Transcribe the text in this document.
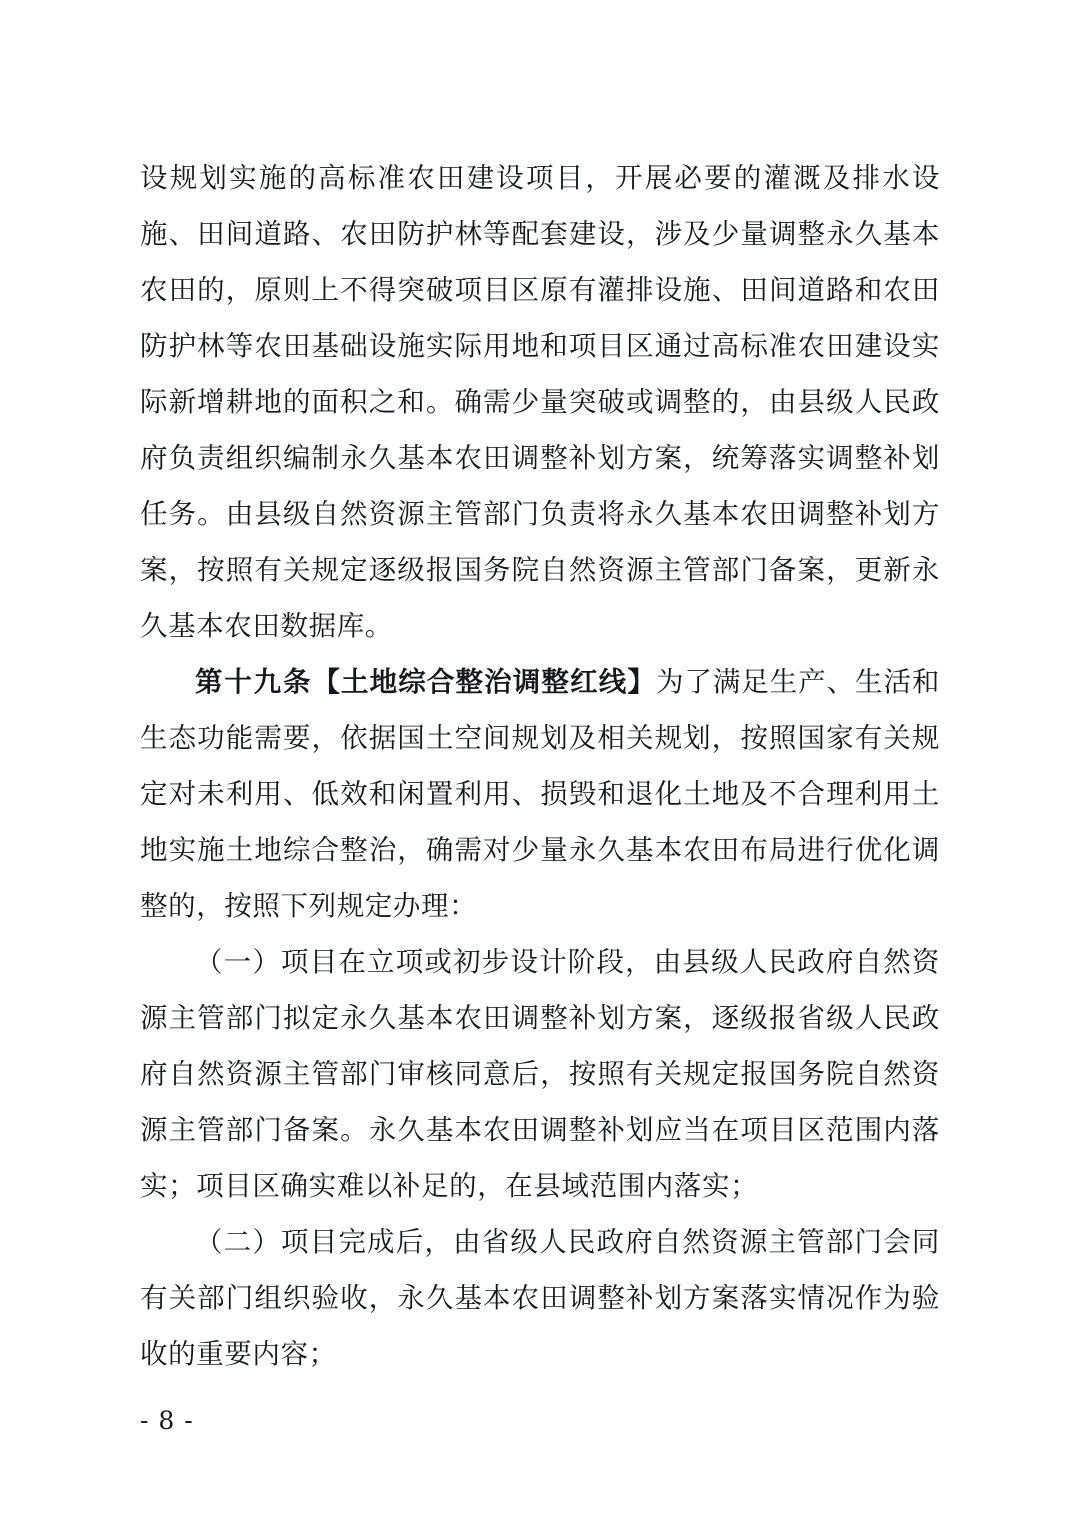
设规划实施的高标准农田建设项目，开展必要的灌溉及排水设施、田间道路、农田防护林等配套建设，涉及少量调整永久基本农田的，原则上不得突破项目区原有灌排设施、田间道路和农田防护林等农田基础设施实际用地和项目区通过高标准农田建设实际新增耕地的面积之和。确需少量突破或调整的，由县级人民政府负责组织编制永久基本农田调整补划方案，统筹落实调整补划任务。由县级自然资源主管部门负责将永久基本农田调整补划方案，按照有关规定逐级报国务院自然资源主管部门备案，更新永久基本农田数据库。

第十九条【土地综合整治调整红线】为了满足生产、生活和生态功能需要，依据国土空间规划及相关规划，按照国家有关规定对未利用、低效和闲置利用、损毁和退化土地及不合理利用土地实施土地综合整治，确需对少量永久基本农田布局进行优化调整的，按照下列规定办理：

（一）项目在立项或初步设计阶段，由县级人民政府自然资源主管部门拟定永久基本农田调整补划方案，逐级报省级人民政府自然资源主管部门审核同意后，按照有关规定报国务院自然资源主管部门备案。永久基本农田调整补划应当在项目区范围内落实；项目区确实难以补足的，在县域范围内落实；

（二）项目完成后，由省级人民政府自然资源主管部门会同有关部门组织验收，永久基本农田调整补划方案落实情况作为验收的重要内容；

- 8 -
